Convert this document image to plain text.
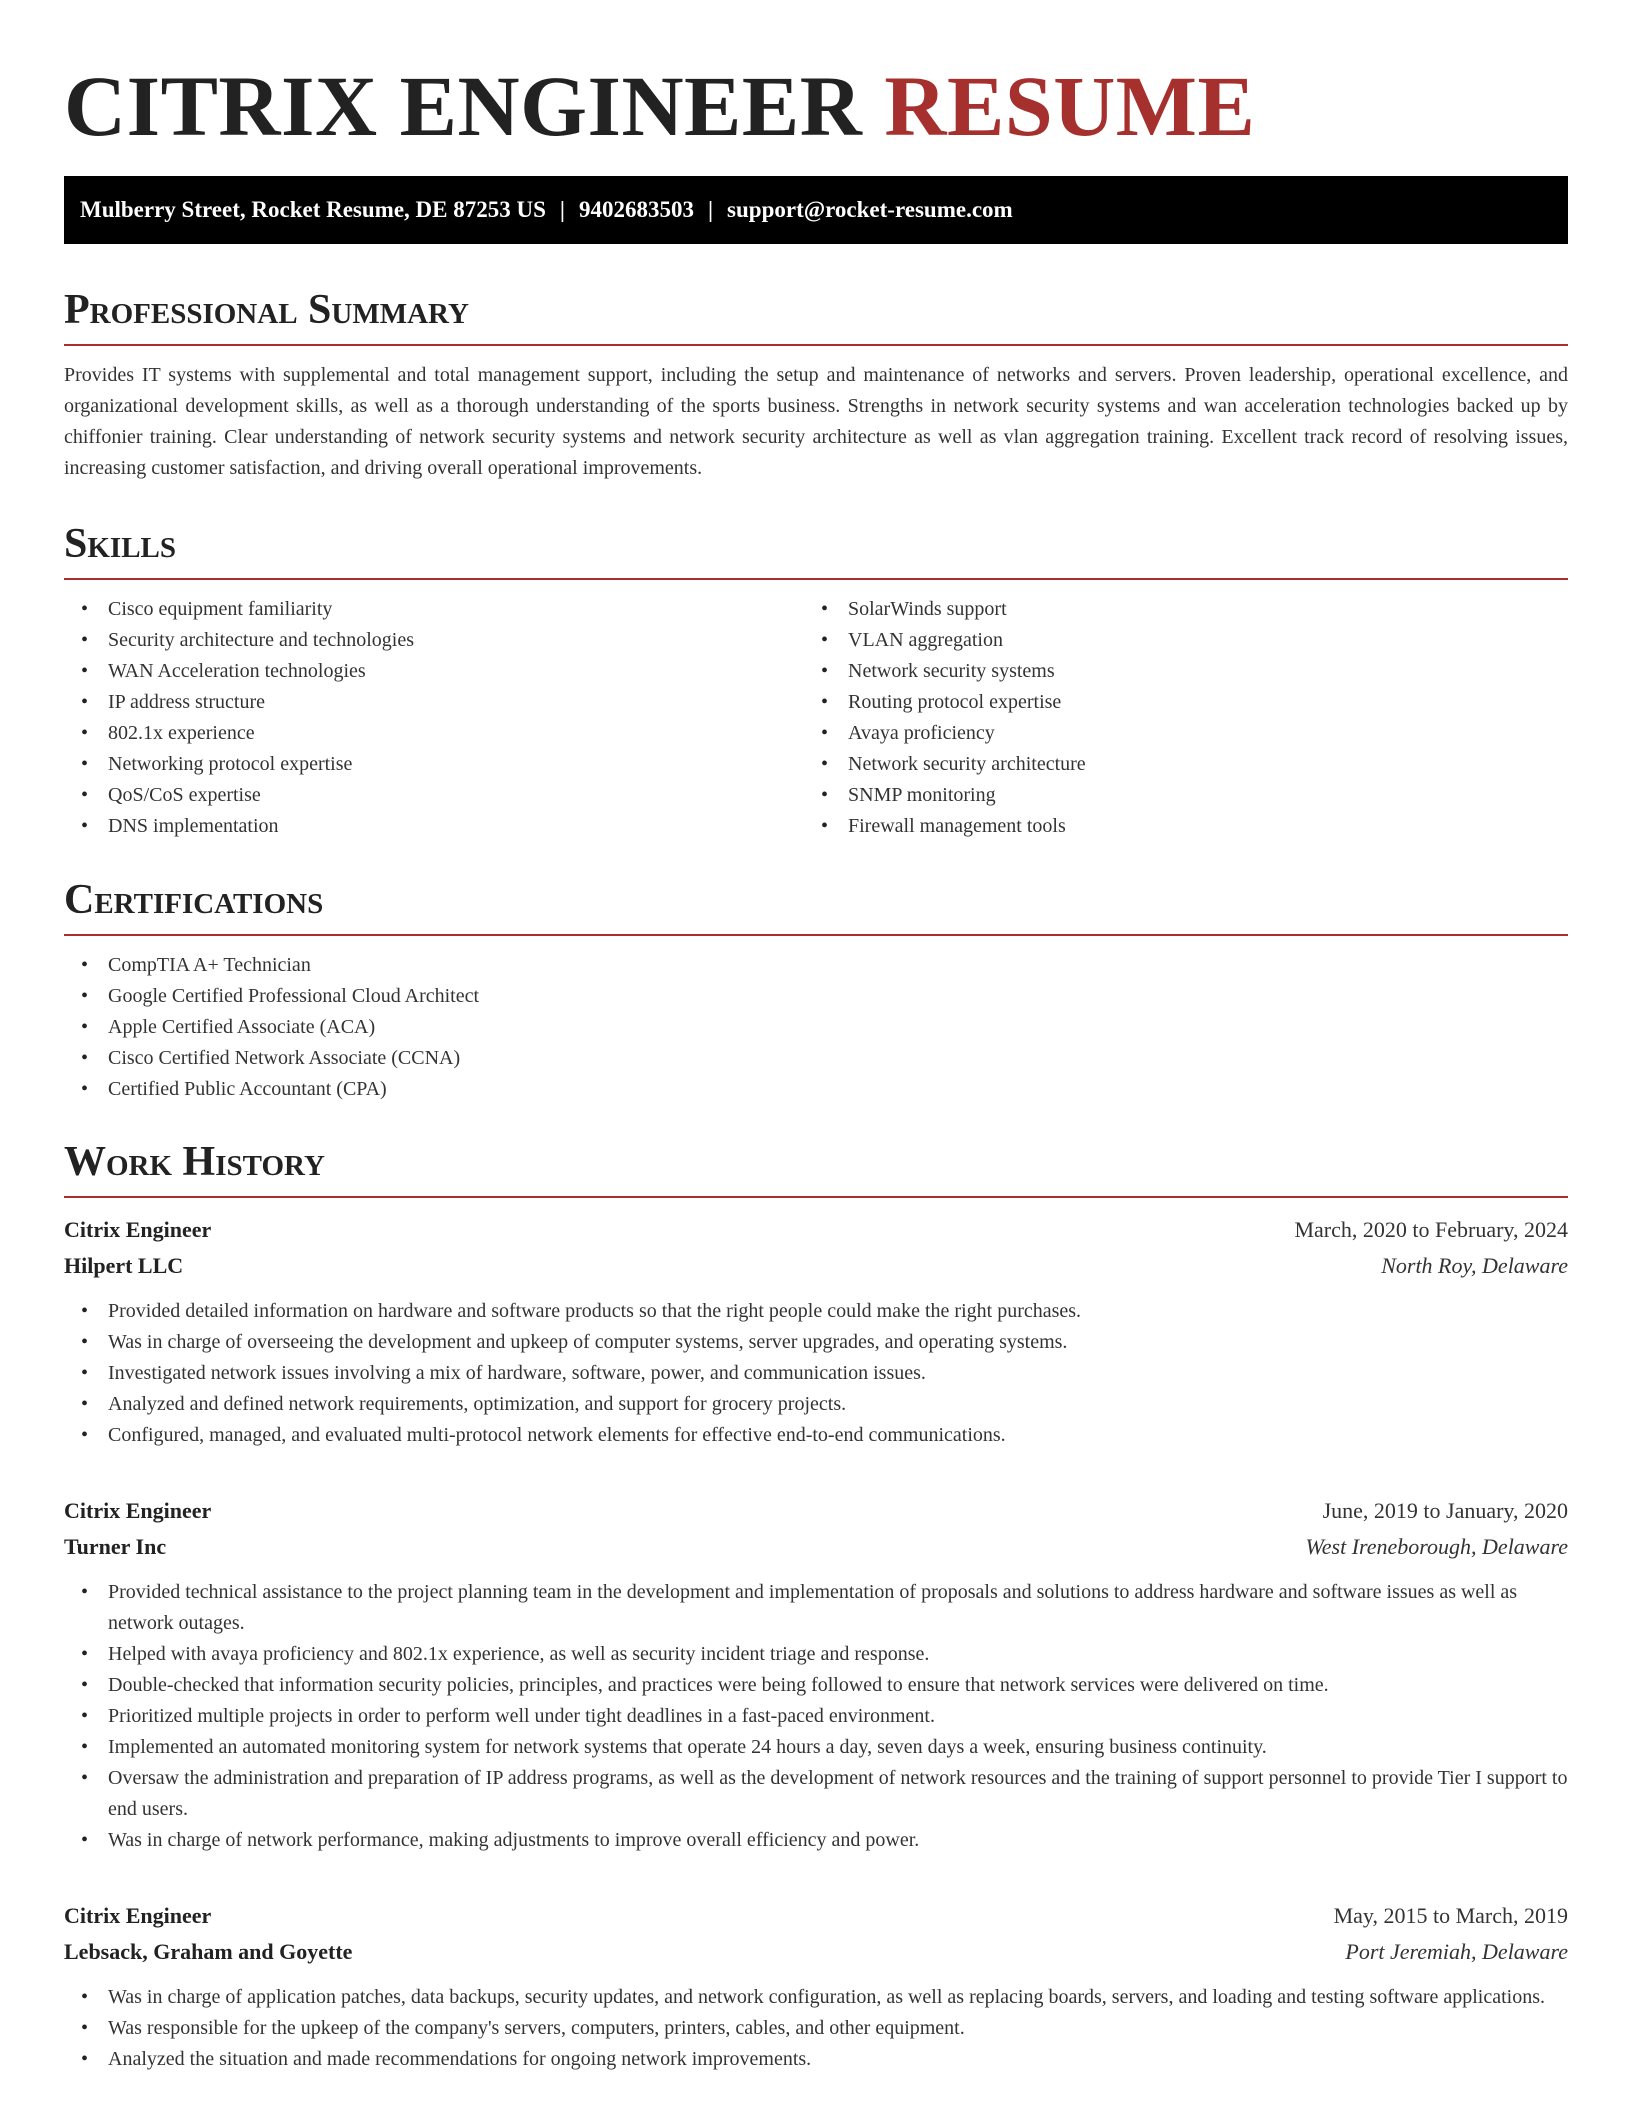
CITRIX ENGINEER RESUME
Mulberry Street, Rocket Resume, DE 87253 US | 9402683503 | support@rocket-resume.com
Professional Summary

Provides IT systems with supplemental and total management support, including the setup and maintenance of networks and servers. Proven leadership, operational excellence, and organizational development skills, as well as a thorough understanding of the sports business. Strengths in network security systems and wan acceleration technologies backed up by chiffonier training. Clear understanding of network security systems and network security architecture as well as vlan aggregation training. Excellent track record of resolving issues, increasing customer satisfaction, and driving overall operational improvements.

Skills
• Cisco equipment familiarity
• Security architecture and technologies
• WAN Acceleration technologies
• IP address structure
• 802.1x experience
• Networking protocol expertise
• QoS/CoS expertise
• DNS implementation
• SolarWinds support
• VLAN aggregation
• Network security systems
• Routing protocol expertise
• Avaya proficiency
• Network security architecture
• SNMP monitoring
• Firewall management tools
Certifications
• CompTIA A+ Technician
• Google Certified Professional Cloud Architect
• Apple Certified Associate (ACA)
• Cisco Certified Network Associate (CCNA)
• Certified Public Accountant (CPA)
Work History
Citrix Engineer	March, 2020 to February, 2024
Hilpert LLC	North Roy, Delaware
• Provided detailed information on hardware and software products so that the right people could make the right purchases.
• Was in charge of overseeing the development and upkeep of computer systems, server upgrades, and operating systems.
• Investigated network issues involving a mix of hardware, software, power, and communication issues.
• Analyzed and defined network requirements, optimization, and support for grocery projects.
• Configured, managed, and evaluated multi-protocol network elements for effective end-to-end communications.
Citrix Engineer	June, 2019 to January, 2020
Turner Inc	West Ireneborough, Delaware
• Provided technical assistance to the project planning team in the development and implementation of proposals and solutions to address hardware and software issues as well as network outages.
• Helped with avaya proficiency and 802.1x experience, as well as security incident triage and response.
• Double-checked that information security policies, principles, and practices were being followed to ensure that network services were delivered on time.
• Prioritized multiple projects in order to perform well under tight deadlines in a fast-paced environment.
• Implemented an automated monitoring system for network systems that operate 24 hours a day, seven days a week, ensuring business continuity.
• Oversaw the administration and preparation of IP address programs, as well as the development of network resources and the training of support personnel to provide Tier I support to end users.
• Was in charge of network performance, making adjustments to improve overall efficiency and power.
Citrix Engineer	May, 2015 to March, 2019
Lebsack, Graham and Goyette	Port Jeremiah, Delaware
• Was in charge of application patches, data backups, security updates, and network configuration, as well as replacing boards, servers, and loading and testing software applications.
• Was responsible for the upkeep of the company's servers, computers, printers, cables, and other equipment.
• Analyzed the situation and made recommendations for ongoing network improvements.
